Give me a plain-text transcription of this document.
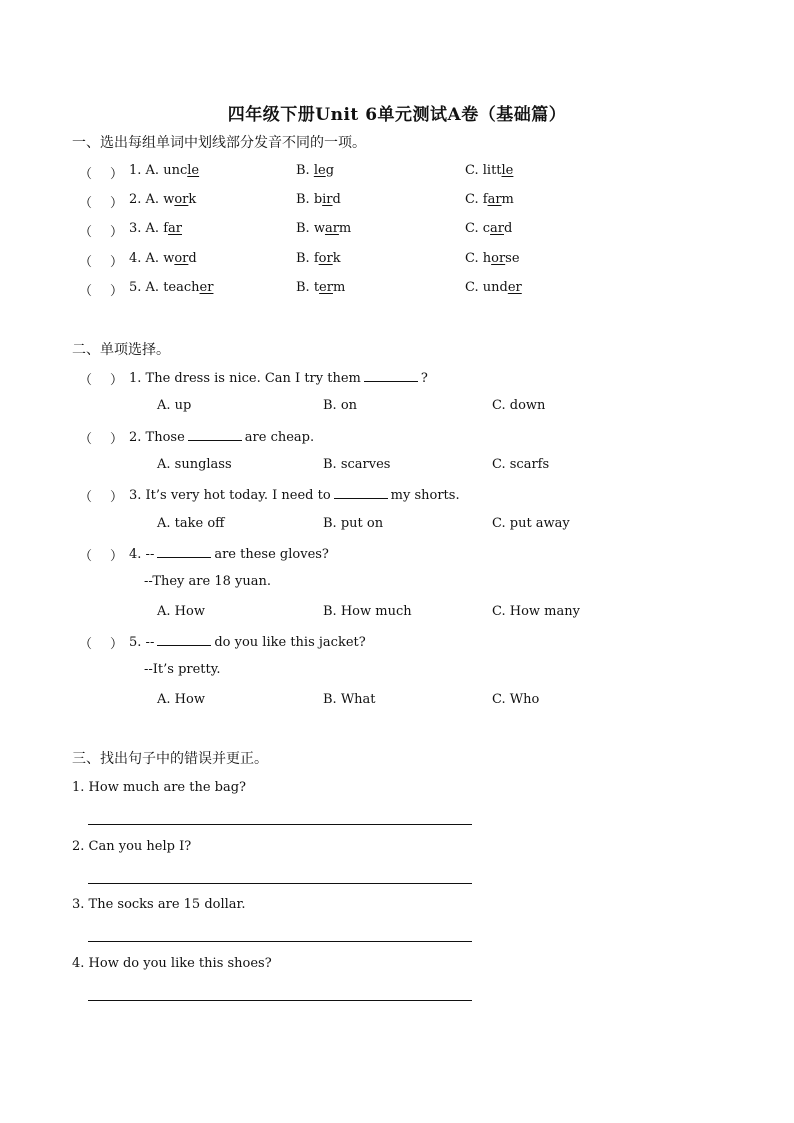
四年级下册Unit 6单元测试A卷（基础篇）
一、选出每组单词中划线部分发音不同的一项。
（ ） 1. A. uncle	B. leg	C. little
（ ） 2. A. work	B. bird	C. farm
（ ） 3. A. far	B. warm	C. card
（ ） 4. A. word	B. fork	C. horse
（ ） 5. A. teacher	B. term	C. under
二、单项选择。
（ ） 1. The dress is nice. Can I try them	?
A. up	B. on	C. down
（ ） 2. Those	are cheap.
A. sunglass	B. scarves	C. scarfs
（ ） 3. It’s very hot today. I need to	my shorts.
A. take off	B. put on	C. put away
（ ） 4. --	are these gloves?
--They are 18 yuan.
A. How	B. How much	C. How many
（ ） 5. --	do you like this jacket?
--It’s pretty.
A. How	B. What	C. Who
三、找出句子中的错误并更正。
1. How much are the bag?
2. Can you help I?
3. The socks are 15 dollar.
4. How do you like this shoes?
